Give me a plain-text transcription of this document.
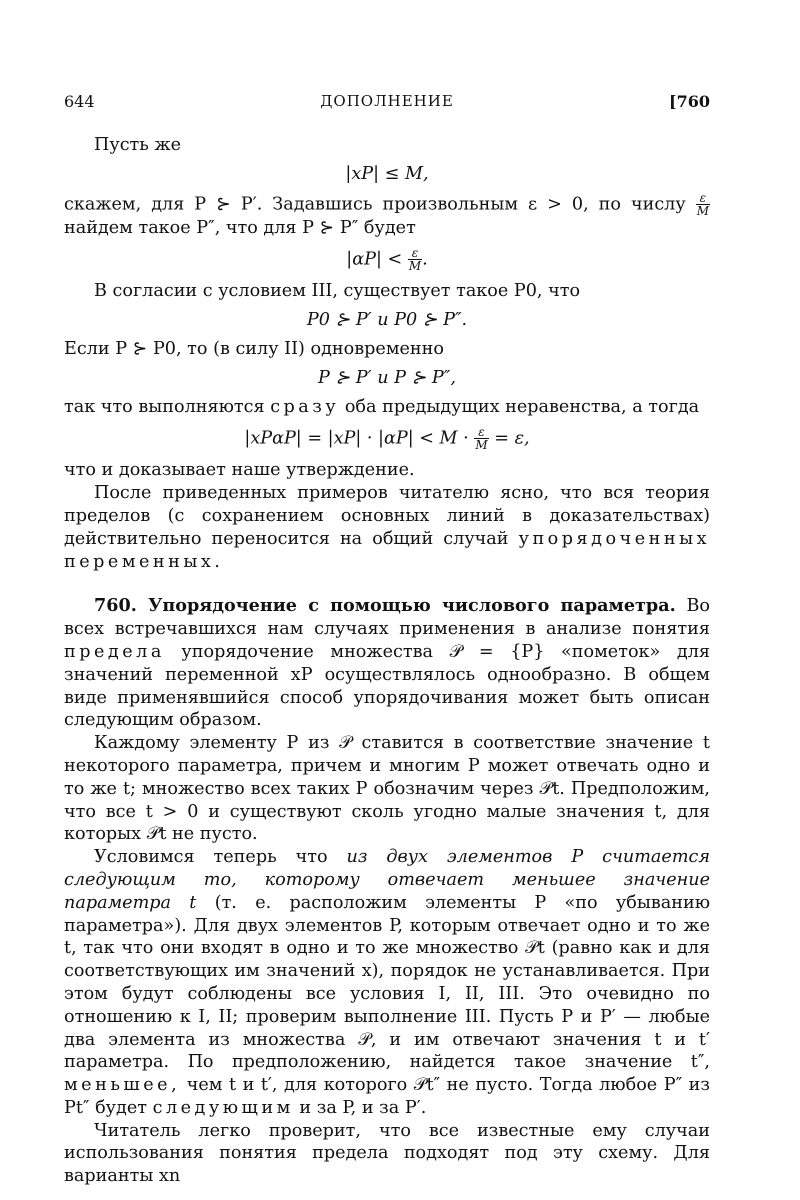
644	ДОПОЛНЕНИЕ	[760

Пусть же

|xP| ≤ M,

скажем, для P ⊱ P′. Задавшись произвольным ε > 0, по числу $\frac{\varepsilon}{M}$
найдем такое P″, что для P ⊱ P″ будет

$|\alpha P| < \frac{\varepsilon}{M}$ .

В согласии с условием III, существует такое P0, что

P0 ⊱ P′ и P0 ⊱ P″.

Если P ⊱ P0, то (в силу II) одновременно

P ⊱ P′ и P ⊱ P″,

так что выполняются сразу оба предыдущих неравенства, а тогда

$|xP\alpha P| = |xP| \cdot |\alpha P| < M \cdot \frac{\varepsilon}{M} = \varepsilon$,

что и доказывает наше утверждение.

После приведенных примеров читателю ясно, что вся теория пределов (с сохранением основных линий в доказательствах) действительно переносится на общий случай упорядоченных переменных.

760. Упорядочение с помощью числового параметра. Во всех встречавшихся нам случаях применения в анализе понятия предела упорядочение множества 𝒫 = {P} «пометок» для значений переменной xP осуществлялось однообразно. В общем виде применявшийся способ упорядочивания может быть описан следующим образом.

Каждому элементу P из 𝒫 ставится в соответствие значение t некоторого параметра, причем и многим P может отвечать одно и то же t; множество всех таких P обозначим через 𝒫t. Предположим, что все t > 0 и существуют сколь угодно малые значения t, для которых 𝒫t не пусто.

Условимся теперь что из двух элементов P считается следующим то, которому отвечает меньшее значение параметра t (т. е. расположим элементы P «по убыванию параметра»). Для двух элементов P, которым отвечает одно и то же t, так что они входят в одно и то же множество 𝒫t (равно как и для соответствующих им значений x), порядок не устанавливается. При этом будут соблюдены все условия I, II, III. Это очевидно по отношению к I, II; проверим выполнение III. Пусть P и P′ — любые два элемента из множества 𝒫, и им отвечают значения t и t′ параметра. По предположению, найдется такое значение t″, меньшее, чем t и t′, для которого 𝒫t″ не пусто. Тогда любое P″ из Pt″ будет следующим и за P, и за P′.

Читатель легко проверит, что все известные ему случаи использования понятия предела подходят под эту схему. Для варианты xn
